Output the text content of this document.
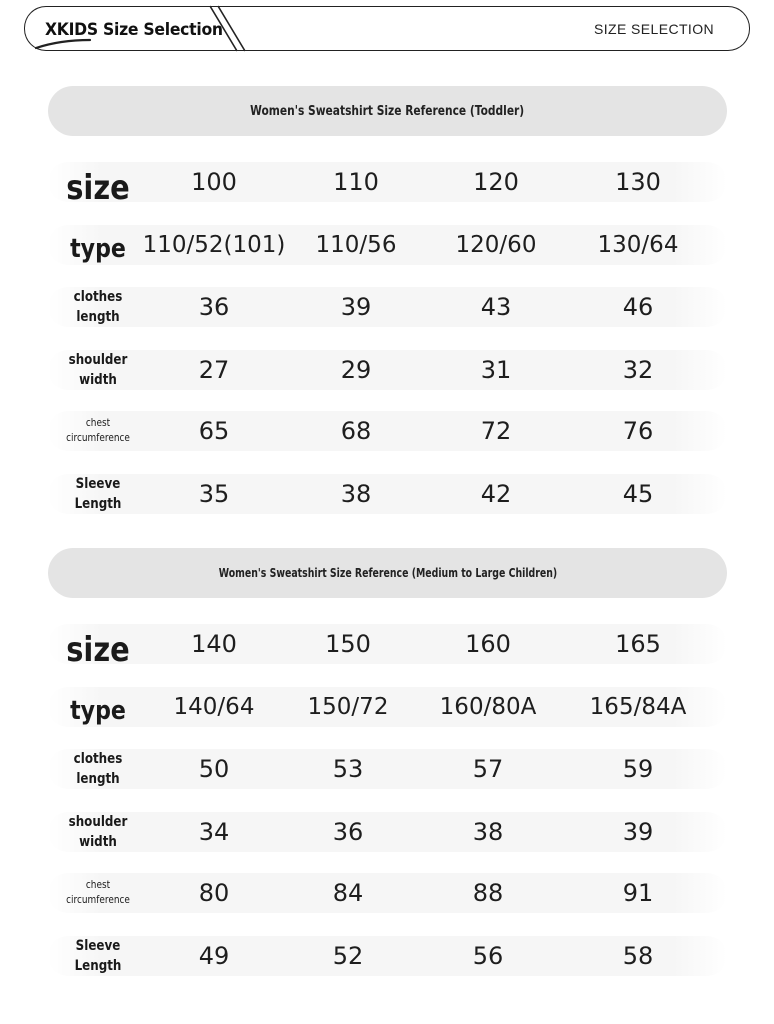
XKIDS Size Selection	SIZE SELECTION
Women's Sweatshirt Size Reference (Toddler)
size	100	110	120	130
type 110/52(101)	110/56	120/60	130/64
clothes
length	36	39	43	46
shoulder
width	27	29	31	32
chest
circumference	65	68	72	76
Sleeve
Length	35	38	42	45
Women's Sweatshirt Size Reference (Medium to Large Children)
size	140	150	160	165
type	140/64	150/72	160/80A	165/84A
clothes
length	50	53	57	59
shoulder
width	34	36	38	39
chest
circumference	80	84	88	91
Sleeve
Length	49	52	56	58
